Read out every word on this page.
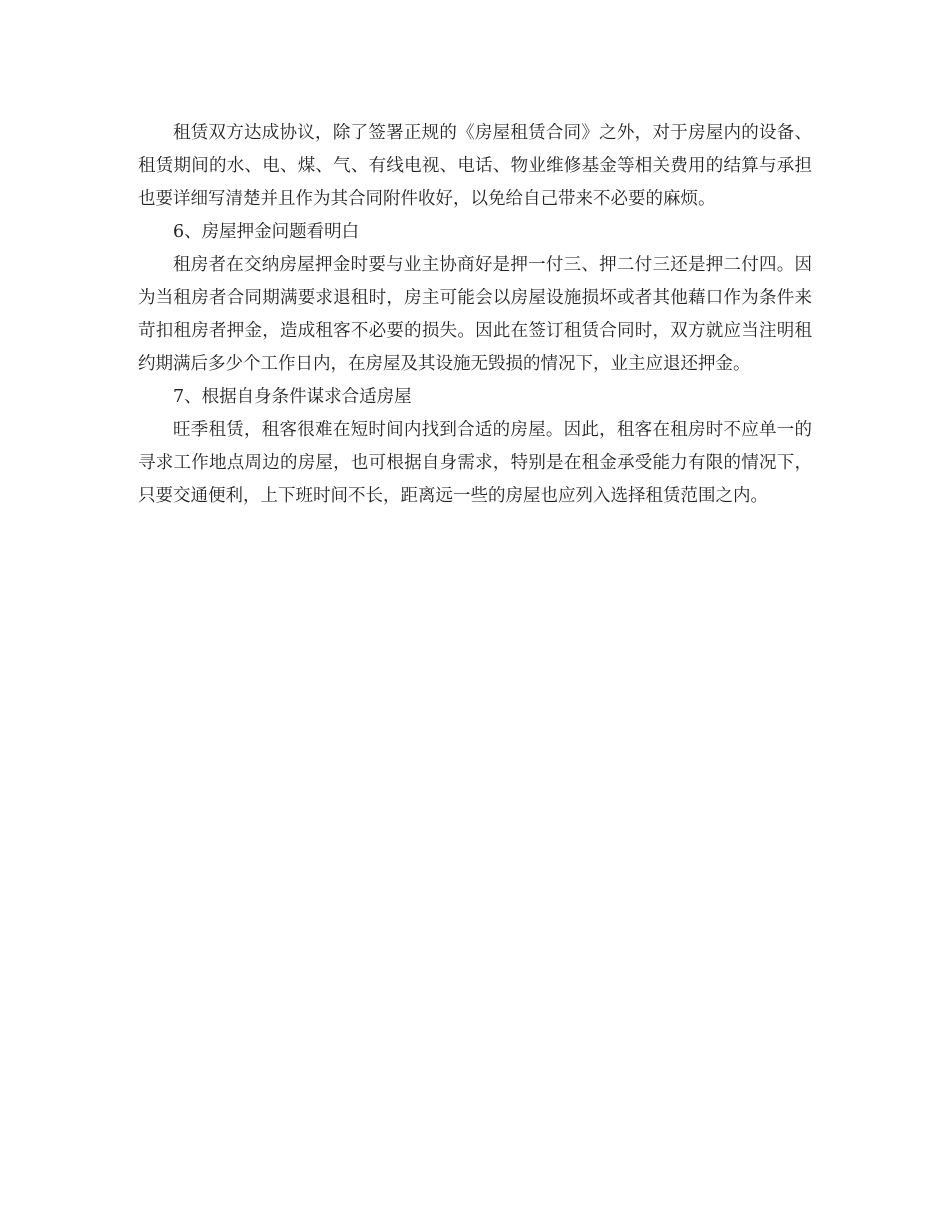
租赁双方达成协议，除了签署正规的《房屋租赁合同》之外，对于房屋内的设备、租赁期间的水、电、煤、气、有线电视、电话、物业维修基金等相关费用的结算与承担也要详细写清楚并且作为其合同附件收好，以免给自己带来不必要的麻烦。

6、房屋押金问题看明白

租房者在交纳房屋押金时要与业主协商好是押一付三、押二付三还是押二付四。因为当租房者合同期满要求退租时，房主可能会以房屋设施损坏或者其他藉口作为条件来苛扣租房者押金，造成租客不必要的损失。因此在签订租赁合同时，双方就应当注明租约期满后多少个工作日内，在房屋及其设施无毁损的情况下，业主应退还押金。

7、根据自身条件谋求合适房屋

旺季租赁，租客很难在短时间内找到合适的房屋。因此，租客在租房时不应单一的寻求工作地点周边的房屋，也可根据自身需求，特别是在租金承受能力有限的情况下，只要交通便利，上下班时间不长，距离远一些的房屋也应列入选择租赁范围之内。
